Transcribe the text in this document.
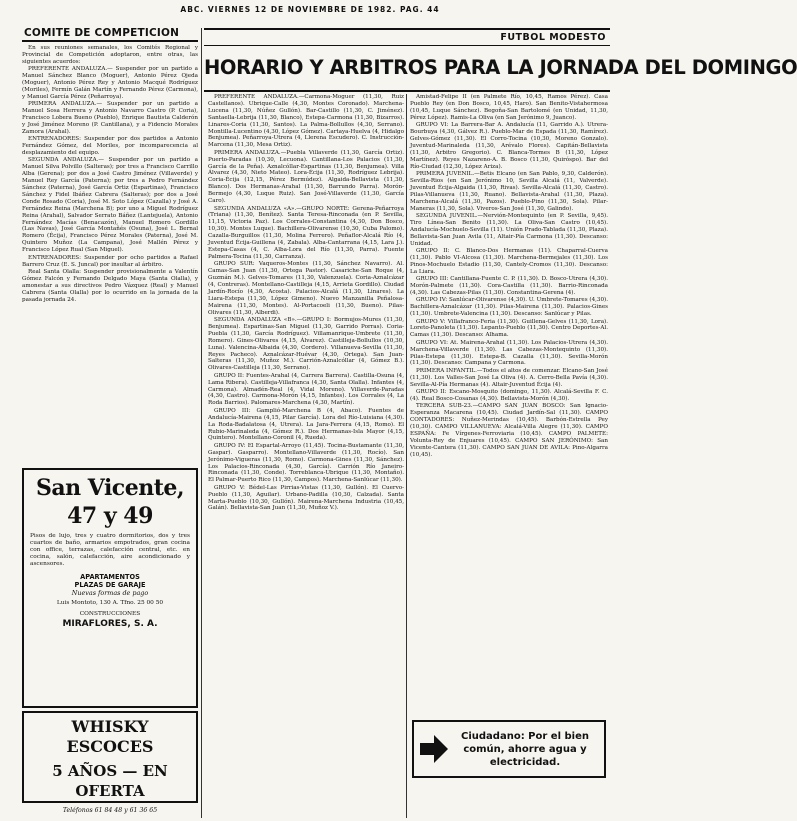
ABC. VIERNES 12 DE NOVIEMBRE DE 1982. PAG. 44
COMITE DE COMPETICION

En sus reuniones semanales, los Comités Regional y Provincial de Competición adoptaron, entre otras, las siguientes acuerdos:

PREFERENTE ANDALUZA.— Suspender por un partido a Manuel Sánchez Blanco (Moguer), Antonio Pérez Ojeda (Moguer), Antonio Pérez Rey y Antonio Macqué Rodríguez (Moriles), Fermín Galán Martín y Fernando Pérez (Carmona), y Manuel García Pérez (Peñarroya).

PRIMERA ANDALUZA.— Suspender por un partido a Manuel Sosa Herrera y Antonio Navarro Castro (P. Coria), Francisco Lobera Bueno (Pueblo), Enrique Bautista Calderón y José Jiménez Moreno (P. Cantillana), y a Fidencio Morales Zamora (Arahal).

ENTRENADORES: Suspender por dos partidos a Antonio Fernández Gómez, del Moriles, por incomparecencia al desplazamiento del equipo.

SEGUNDA ANDALUZA.— Suspender por un partido a Manuel Silva Polvillo (Salteras); por tres a Francisco Carrillo Alba (Gerena); por dos a José Castro Jiménez (Villaverde) y Manuel Rey García (Paterna); por tres a Pedro Fernández Sánchez (Paterna), José García Ortiz (Espartinas), Francisco Sánchez y Fidel Ibáñez Cabrera (Salteras); por dos a José Conde Rosado (Coria), José M. Soto López (Cazalla) y José A. Fernández Reina (Marchena B); por uno a Miguel Rodríguez Reina (Arahal), Salvador Serrato Báñez (Lantejuela), Antonio Fernández Macías (Benacazón), Manuel Romero Gordillo (Las Navas), José García Montañés (Osuna), José L. Bernal Romero (Écija), Francisco Pérez Morales (Paterna), José M. Quintero Muñoz (La Campana), José Mallén Pérez y Francisco López Rual (San Miguel).

ENTRENADORES: Suspender por ocho partidos a Rafael Barrero Cruz (E. S. Juncal) por insultar al árbitro.

Real Santa Olalla: Suspender provisionalmente a Valentín Gómez Falcón y Fernando Delgado Maya (Santa Olalla), y amonestar a sus directivos Pedro Vázquez (Real) y Manuel Cabrera (Santa Olalla) por lo ocurrido en la jornada de la pasada jornada 24.

San Vicente, 47 y 49
Pisos de lujo, tres y cuatro dormitorios, dos y tres cuartos de baño, armarios empotrados, gran cocina con office, terrazas, calefacción central, etc. en cocina, salón, calefacción, aire acondicionado y ascensores.
APARTAMENTOS
PLAZAS DE GARAJE
Nuevas formas de pago
Luis Montoto, 130 A. Tfno. 25 00 50
CONSTRUCCIONES
MIRAFLORES, S. A.
WHISKY ESCOCES
5 AÑOS — EN OFERTA
Teléfonos 61 84 48 y 61 36 65
FUTBOL MODESTO
HORARIO Y ARBITROS PARA LA JORNADA DEL DOMINGO

PREFERENTE ANDALUZA.—Carmona-Moguer (11,30, Ruiz Castellanos). Ubrique-Calle (4,30, Montes Coronado). Marchena-Lucena (11,30, Núñez Gullón). Bar-Castillo (11,30, C. Jiménez). Santaella-Lebrija (11,30, Blanco), Estepa-Carmona (11,30, Bizarros). Linares-Coria (11,30, Santos). La Palma-Bollullos (4,30, Serrano). Montilla-Lucentino (4,30, López Gómez). Cartaya-Huelva (4, Hidalgo Benjumea). Peñarroya-Utrera (4, Llerena Escudero). C. Instrucción-Marcena (11,30, Mesa Ortiz).

PRIMERA ANDALUZA.—Puebla Villaverde (11,30, García Ortiz). Puerto-Paradas (10,30, Lecuona). Cantillana-Los Palacios (11,30, García de la Peña). Aznalcóllar-Espartinas (11,30, Benjumea). Villa Álvarez (4,30, Nieto Mateo). Lora-Écija (11,30, Rodríguez Lebrija). Coria-Écija (12,15, Pérez Bermúdez). Algaida-Bellavista (11,30, Blanco). Dos Hermanas-Arahal (11,30, Barrundo Parra). Morón-Bermejo (4,30, Luque Ruiz). San José-Villaverde (11,30, García Caro).

SEGUNDA ANDALUZA «A».—GRUPO NORTE: Gerena-Peñarroya (Triana) (11,30, Benítez). Santa Teresa-Rinconada (en P. Sevilla, 11,15, Victoria Paz). Los Corrales-Constantina (4,30, Don Bosco, 10,30). Montes Luque). Bachillera-Olivarense (10,30, Cuba Palomo). Cazalla-Burguillos (11,30, Molina Ferrero). Peñaflor-Alcalá Río (4, Juventud Écija-Guillena (4, Zabala). Alba-Cantarrana (4,15, Lara J.). Estepa-Casas (4, C. Alba-Lora del Río (11,30, Parra). Fuente Palmera-Tocina (11,30, Carranza).

GRUPO SUR: Vaqueros-Montes (11,30, Sánchez Navarro). Al. Camas-San Juan (11,30, Ortega Pastor). Casariche-San Roque (4, Guzmán M.). Gelves-Tomares (11,30, Valenzuela). Coria-Aznalcázar (4, Contreras). Montellano-Castilleja (4,15, Arrieta Gordillo). Ciudad Jardín-Rocío (4,30, Acosta). Palacios-Alcalá (11,30, Linares). La Liara-Estepa (11,30, López Gimeno). Nuevo Manzanilla Peñalosa-Mairena (11,30, Montes). Al-Portacoeli (11,30, Bueno). Pilas-Olivares (11,30, Alberdi).

SEGUNDA ANDALUZA «B».—GRUPO I: Bormujos-Mures (11,30, Benjumea). Espartinas-San Miguel (11,30, Garrido Porras). Coria-Puebla (11,30, García Rodríguez). Villamanrique-Umbrete (11,30, Romero). Gines-Olivares (4,15, Álvarez). Castilleja-Bollullos (10,30, Luna). Valencina-Albaida (4,30, Cordero). Villanueva-Sevilla (11,30, Reyes Pacheco). Aznalcázar-Huévar (4,30, Ortega). San Juan-Salteras (11,30, Muñoz M.). Carrión-Aznalcóllar (4, Gómez B.). Olivares-Castilleja (11,30, Serrano).

GRUPO II: Fuentes-Arahal (4, Carrera Barrera). Castilla-Osuna (4, Lama Ribera). Castilleja-Villafranca (4,30, Santa Olalla). Infantes (4, Carmona). Almadén-Real (4, Vidal Moreno). Villaverde-Paradas (4,30, Castro). Carmona-Morón (4,15, Infantes). Los Corrales (4, La Roda Barrios). Palomares-Marchena (4,30, Martín).

GRUPO III: Gamplió-Marchena B (4, Abaco). Fuentes de Andalucía-Mairena (4,15, Pilar García). Lora del Río-Luisiana (4,30). La Roda-Badalatosa (4, Utrera). La Jara-Ferrera (4,15, Romo). El Rubio-Marinaleda (4, Gómez R.). Dos Hermanas-Isla Mayor (4,15, Quintero). Montellano-Coronil (4, Rueda).

GRUPO IV: El Espartal-Arroyo (11,45). Tocina-Bustamante (11,30, Gaspar). Gasparro). Montellano-Villaverde (11,30, Rocío). San Jerónimo-Vigueras (11,30, Romo). Carmona-Gines (11,30, Sánchez). Los Palacios-Rinconada (4,30, García). Carrión Río Janeiro-Rinconada (11,30, Conde). Torreblanca-Ubrique (11,30, Montaño). El Palmar-Puerto Rico (11,30, Campos). Marchena-Sanlúcar (11,30).

GRUPO V: Bédel-Las Pirrias-Vistas (11,30, Gullón). El Cuervo-Pueblo (11,30, Aguilar). Urbano-Padilla (10,30, Calzada). Santa Marta-Pueblo (10,30, Gullón). Mairena-Marchena Industria (10,45, Galán). Bellavista-San Juan (11,30, Muñoz V.).

Amistad-Felipe II (en Palmete Río, 10,45, Ramos Pérez). Casa Pueblo Rey (en Don Bosco, 10,45, Haro). San Benito-Vistahermosa (10,45, Luque Sánchez). Begoña-San Bartolomé (en Unidad, 11,30, Pérez López). Ramis-La Oliva (en San Jerónimo 9, Juanco).

GRUPO VI: La Barrera-Bar A. Andalucía (11, Garrido A.). Utrera-Bourbuya (4,30, Gálvez R.). Pueblo-Mar de Espada (11,30, Ramírez). Gelves-Gómez (11,30). El Corro-Tocina (10,30, Moreno Gonzalo). Juventud-Marinaleda (11,30, Arévalo Flores). Capitán-Bellavista (11,30, Arbitro Gregorio). C. Blanca-Tormes B (11,30, López Martínez). Reyes Nazareno-A. B. Bosco (11,30, Quiróspo). Bar del Río-Ciudad (12,30, López Ariza).

PRIMERA JUVENIL.—Betis Elcano (en San Pablo, 9,30, Calderón). Sevilla-Rios (en San Jerónimo 10, Sevilla Alcalá (11, Valverde). Juventud Écija-Algaida (11,30, Rivas). Sevilla-Alcalá (11,30, Castro). Pilas-Villanueva (11,30, Ruano). Bellavista-Arahal (11,30, Plaza). Marchena-Alcalá (11,30, Pazos). Pueblo-Pino (11,30, Sola). Pilar-Maneras (11,30, Sola). Viveros-San José (11,30, Galindo).

SEGUNDA JUVENIL.—Nervión-Montequinto (en P. Sevilla, 9,45). Tiro Línea-San Benito (11,30). La Oliva-San Castro (10,45). Andalucía-Mochuelo-Sevilla (11). Unión Prado-Tablada (11,30, Plaza). Bellavista-San Juan Avila (11, Altair-Pía Carmona (11,30). Descanso: Unidad.

GRUPO II: C. Blanco-Dos Hermanas (11). Chaparral-Cuerva (11,30). Pablo VI-Alcosa (11,30). Marchena-Bermejales (11,30). Los Pinos-Mochuelo Estadio (11,30, Cantely-Cromos (11,30). Descanso: La Liara.

GRUPO III: Cantillana-Fuente C. P. (11,30). D. Bosco-Utrera (4,30). Morón-Palmete (11,30). Cora-Castilla (11,30). Barrio-Rinconada (4,30). Las Cabezas-Pilas (11,30). Constantina-Gerena (4).

GRUPO IV: Sanlúcar-Olivarense (4,30). U. Umbrete-Tomares (4,30). Bachillera-Aznalcázar (11,30). Pilas-Mairena (11,30). Palacios-Gines (11,30). Umbrete-Valencina (11,30). Descanso: Sanlúcar y Pilas.

GRUPO V: Villafranco-Feria (11,30). Guillena-Gelves (11,30, Lora). Loreto-Panoleta (11,30). Lepanto-Pueblo (11,30). Centro Deportes-Al. Camas (11,30). Descanso: Alhama.

GRUPO VI: At. Mairena-Arahal (11,30). Los Palacios-Utrera (4,30). Marchena-Villaverde (11,30). Las Cabezas-Montequinto (11,30). Pilas-Estepa (11,30). Estepa-B. Cazalla (11,30). Sevilla-Morón (11,30). Descanso: Campana y Carmona.

PRIMERA INFANTIL.—Todos el altos de comenzar. Elcano-San José (11,30). Los Valles-San José La Oliva (4). A. Cerro-Bella Pavía (4,30). Sevilla-Al-Pía Hermanas (4). Altair-Juventud Écija (4).

GRUPO II: Escano-Mosquito (domingo, 11,30). Alcalá-Sevilla F. C. (4). Real Bosco-Cosanas (4,30). Bellavista-Morón (4,30).

TERCERA SUB-23.—CAMPO SAN JUAN BOSCO: San Ignacio-Esperanza Macarena (10,45). Ciudad Jardín-Sal (11,30). CAMPO CONTADORES: Nuñez-Merindas (10,45). Barbón-Estrella Pey (10,30). CAMPO VILLANUEVA: Alcalá-Villa Alegre (11,30). CAMPO ESPAÑA: Fe Vírgenes-Ferroviaria (10,45). CAMPO PALMETE: Volunta-Rey de Enjuares (10,45). CAMPO SAN JERÓNIMO: San Vicente-Cantera (11,30). CAMPO SAN JUAN DE AVILA: Pino-Algarra (10,45).

Ciudadano: Por el bien común, ahorre agua y electricidad.
